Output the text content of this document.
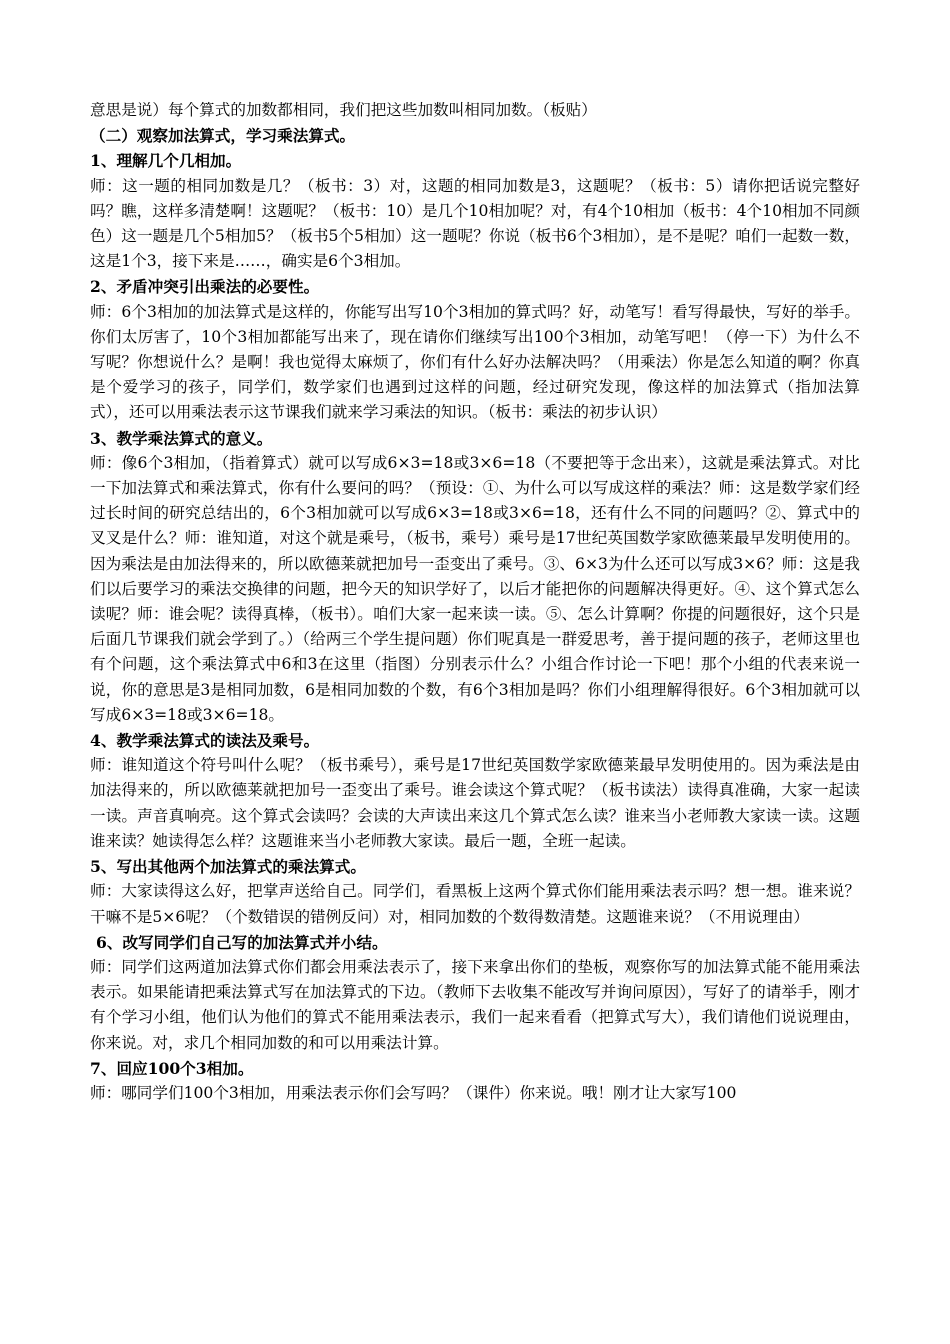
意思是说）每个算式的加数都相同，我们把这些加数叫相同加数。（板贴）

（二）观察加法算式，学习乘法算式。

1、理解几个几相加。

师：这一题的相同加数是几？（板书：3）对，这题的相同加数是3，这题呢？（板书：5）请你把话说完整好吗？瞧，这样多清楚啊！这题呢？（板书：10）是几个10相加呢？对，有4个10相加（板书：4个10相加不同颜色）这一题是几个5相加5？（板书5个5相加）这一题呢？你说（板书6个3相加），是不是呢？咱们一起数一数，这是1个3，接下来是……，确实是6个3相加。

2、矛盾冲突引出乘法的必要性。

师：6个3相加的加法算式是这样的，你能写出写10个3相加的算式吗？好，动笔写！看写得最快，写好的举手。你们太厉害了，10个3相加都能写出来了，现在请你们继续写出100个3相加，动笔写吧！（停一下）为什么不写呢？你想说什么？是啊！我也觉得太麻烦了，你们有什么好办法解决吗？（用乘法）你是怎么知道的啊？你真是个爱学习的孩子，同学们，数学家们也遇到过这样的问题，经过研究发现，像这样的加法算式（指加法算式），还可以用乘法表示这节课我们就来学习乘法的知识。（板书：乘法的初步认识）

3、教学乘法算式的意义。

师：像6个3相加，（指着算式）就可以写成6×3=18或3×6=18（不要把等于念出来），这就是乘法算式。对比一下加法算式和乘法算式，你有什么要问的吗？（预设：①、为什么可以写成这样的乘法？师：这是数学家们经过长时间的研究总结出的，6个3相加就可以写成6×3=18或3×6=18，还有什么不同的问题吗？②、算式中的叉叉是什么？师：谁知道，对这个就是乘号，（板书，乘号）乘号是17世纪英国数学家欧德莱最早发明使用的。因为乘法是由加法得来的，所以欧德莱就把加号一歪变出了乘号。③、6×3为什么还可以写成3×6？师：这是我们以后要学习的乘法交换律的问题，把今天的知识学好了，以后才能把你的问题解决得更好。④、这个算式怎么读呢？师：谁会呢？读得真棒，（板书）。咱们大家一起来读一读。⑤、怎么计算啊？你提的问题很好，这个只是后面几节课我们就会学到了。）（给两三个学生提问题）你们呢真是一群爱思考，善于提问题的孩子，老师这里也有个问题，这个乘法算式中6和3在这里（指图）分别表示什么？小组合作讨论一下吧！那个小组的代表来说一说，你的意思是3是相同加数，6是相同加数的个数，有6个3相加是吗？你们小组理解得很好。6个3相加就可以写成6×3=18或3×6=18。

4、教学乘法算式的读法及乘号。

师：谁知道这个符号叫什么呢？（板书乘号），乘号是17世纪英国数学家欧德莱最早发明使用的。因为乘法是由加法得来的，所以欧德莱就把加号一歪变出了乘号。谁会读这个算式呢？（板书读法）读得真准确，大家一起读一读。声音真响亮。这个算式会读吗？会读的大声读出来这几个算式怎么读？谁来当小老师教大家读一读。这题谁来读？她读得怎么样？这题谁来当小老师教大家读。最后一题，全班一起读。

5、写出其他两个加法算式的乘法算式。

师：大家读得这么好，把掌声送给自己。同学们，看黑板上这两个算式你们能用乘法表示吗？想一想。谁来说？干嘛不是5×6呢？（个数错误的错例反问）对，相同加数的个数得数清楚。这题谁来说？（不用说理由）

6、改写同学们自己写的加法算式并小结。

师：同学们这两道加法算式你们都会用乘法表示了，接下来拿出你们的垫板，观察你写的加法算式能不能用乘法表示。如果能请把乘法算式写在加法算式的下边。（教师下去收集不能改写并询问原因），写好了的请举手，刚才有个学习小组，他们认为他们的算式不能用乘法表示，我们一起来看看（把算式写大），我们请他们说说理由，你来说。对，求几个相同加数的和可以用乘法计算。

7、回应100个3相加。

师：哪同学们100个3相加，用乘法表示你们会写吗？（课件）你来说。哦！刚才让大家写100
